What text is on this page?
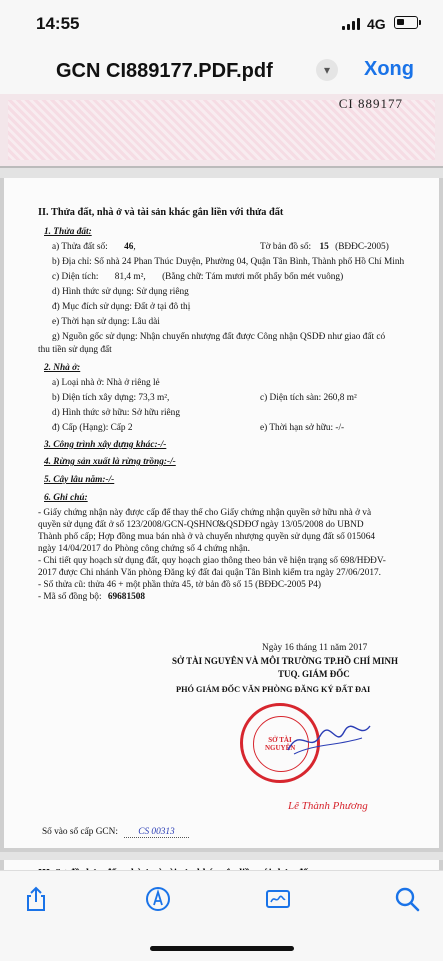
14:55	4G
GCN CI889177.PDF.pdf	▾	Xong
CI 889177
II. Thửa đất, nhà ở và tài sản khác gắn liền với thửa đất
1. Thửa đất:
a) Thửa đất số: 46,	Tờ bản đồ số: 15 (BĐĐC-2005)
b) Địa chỉ: Số nhà 24 Phan Thúc Duyện, Phường 04, Quận Tân Bình, Thành phố Hồ Chí Minh
c) Diện tích: 81,4 m², (Bằng chữ: Tám mươi mốt phẩy bốn mét vuông)
d) Hình thức sử dụng: Sử dụng riêng
đ) Mục đích sử dụng: Đất ở tại đô thị
e) Thời hạn sử dụng: Lâu dài
g) Nguồn gốc sử dụng: Nhận chuyển nhượng đất được Công nhận QSDĐ như giao đất có
thu tiền sử dụng đất
2. Nhà ở:
a) Loại nhà ở: Nhà ở riêng lẻ
b) Diện tích xây dựng: 73,3 m²,	c) Diện tích sàn: 260,8 m²
d) Hình thức sở hữu: Sở hữu riêng
đ) Cấp (Hạng): Cấp 2	e) Thời hạn sở hữu: -/-
3. Công trình xây dựng khác:-/-
4. Rừng sản xuất là rừng trồng:-/-
5. Cây lâu năm:-/-
6. Ghi chú:
- Giấy chứng nhận này được cấp để thay thế cho Giấy chứng nhận quyền sở hữu nhà ở và
quyền sử dụng đất ở số 123/2008/GCN-QSHNƠ&QSDĐƠ ngày 13/05/2008 do UBND
Thành phố cấp; Hợp đồng mua bán nhà ở và chuyển nhượng quyền sử dụng đất số 015064
ngày 14/04/2017 do Phòng công chứng số 4 chứng nhận.
- Chi tiết quy hoạch sử dụng đất, quy hoạch giao thông theo bản vẽ hiện trạng số 698/HĐĐV-
2017 được Chi nhánh Văn phòng Đăng ký đất đai quận Tân Bình kiểm tra ngày 27/06/2017.
- Số thửa cũ: thửa 46 + một phần thửa 45, tờ bản đồ số 15 (BĐĐC-2005 P4)
- Mã số đồng bộ: 69681508
Ngày 16 tháng 11 năm 2017
SỞ TÀI NGUYÊN VÀ MÔI TRƯỜNG TP.HỒ CHÍ MINH
TUQ. GIÁM ĐỐC
PHÓ GIÁM ĐỐC VĂN PHÒNG ĐĂNG KÝ ĐẤT ĐAI
SỞ TÀI NGUYÊN
Lê Thành Phương
Số vào sổ cấp GCN: CS 00313
